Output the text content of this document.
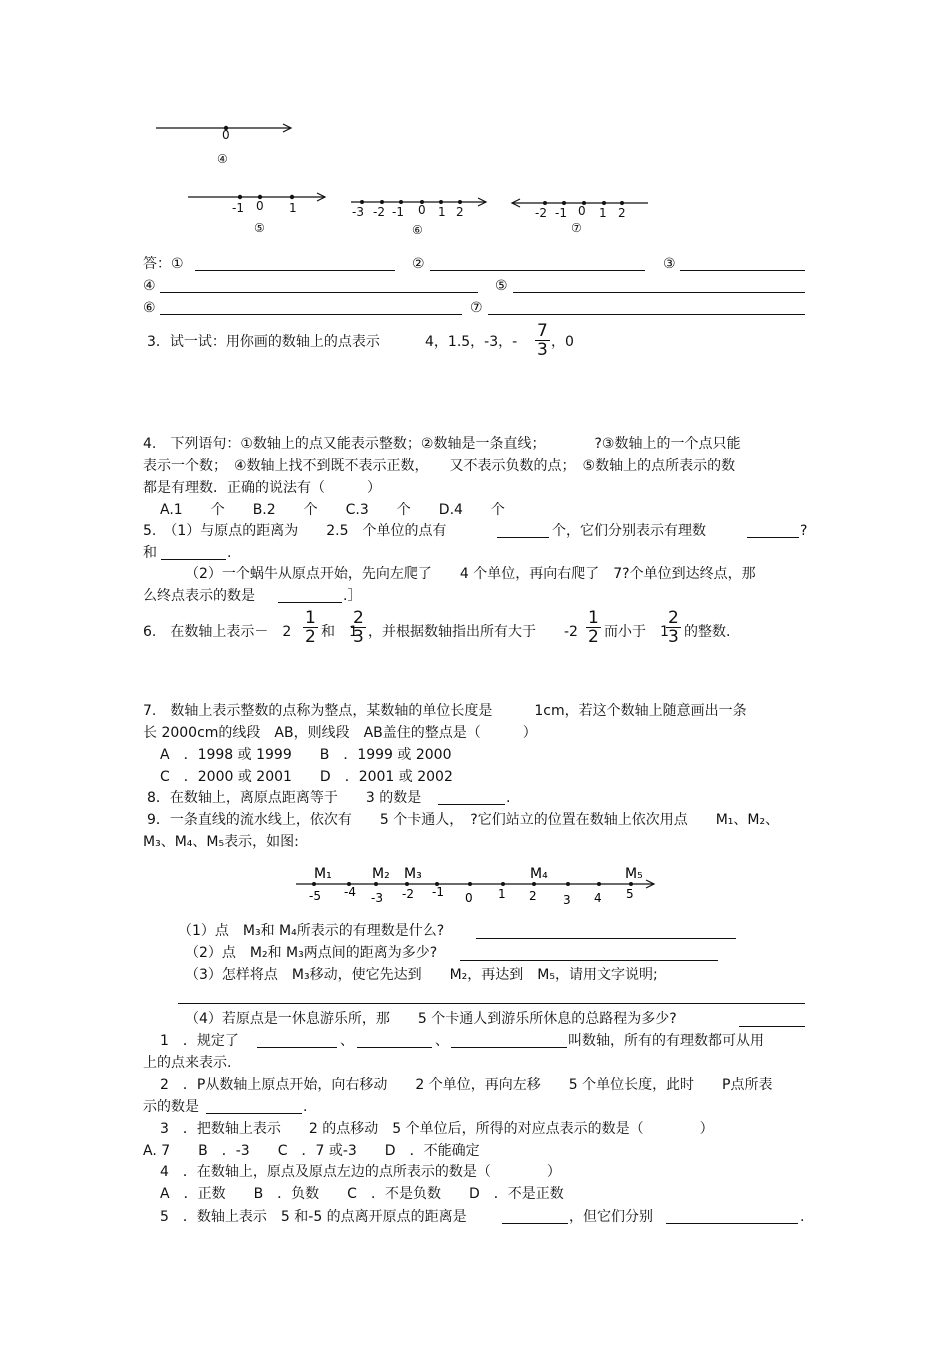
0
④
-1 0 1
⑤
-3 -2 -1 0 1 2
⑥
-2 -1 0 1 2
⑦
答：①	②	③
④	⑤
⑥	⑦
3．试一试：用你画的数轴上的点表示	4，1.5，-3，- $\frac{7}{3}$ ，0
4.　下列语句：①数轴上的点又能表示整数；②数轴是一条直线；　　　　?③数轴上的一个点只能
表示一个数；　④数轴上找不到既不表示正数，　　又不表示负数的点；　⑤数轴上的点所表示的数
都是有理数．正确的说法有（　　　）
A.1　　个　　B.2　　个　　C.3　　个　　D.4　　个
5.　（1）与原点的距离为　　2.5　个单位的点有	个，它们分别表示有理数	?
和	.
（2）一个蜗牛从原点开始，先向左爬了　　4 个单位，再向右爬了　7?个单位到达终点，那
么终点表示的数是	.］
6.　在数轴上表示－　$2 \frac{1}{2}$ 和　1
$\frac{2}{3}$ ，并根据数轴指出所有大于　　$-2 \frac{1}{2}$ 而小于　1
$\frac{2}{3}$ 的整数.
7.　数轴上表示整数的点称为整点，某数轴的单位长度是　　　1cm，若这个数轴上随意画出一条
长 2000cm的线段　AB，则线段　AB盖住的整点是（　　　）
A　．1998 或 1999　　B　．1999 或 2000
C　．2000 或 2001　　D　．2001 或 2002
8．在数轴上，离原点距离等于　　3 的数是	.
9．一条直线的流水线上，依次有　　5 个卡通人，　?它们站立的位置在数轴上依次用点　　M₁、M₂、
M₃、M₄、M₅表示，如图:
-5 -4 -3 -2 -1 0 1 2 3 4 5
M₁	M₂ M₃	M₄	M₅
（1）点　M₃和 M₄所表示的有理数是什么?
（2）点　M₂和 M₃两点间的距离为多少?
（3）怎样将点　M₃移动，使它先达到　　M₂，再达到　M₅，请用文字说明;
（4）若原点是一休息游乐所，那　　5 个卡通人到游乐所休息的总路程为多少?
1　．规定了	、	、	叫数轴，所有的有理数都可从用
上的点来表示.
2　．P从数轴上原点开始，向右移动　　2 个单位，再向左移　　5 个单位长度，此时　　P点所表
示的数是	.
3　．把数轴上表示　　2 的点移动　5 个单位后，所得的对应点表示的数是（　　　　）
A. 7　　B　．-3　　C　．7 或-3　　D　．不能确定
4　．在数轴上，原点及原点左边的点所表示的数是（　　　　）
A　．正数　　B　．负数　　C　．不是负数　　D　．不是正数
5　．数轴上表示　5 和-5 的点离开原点的距离是	，但它们分别	.
